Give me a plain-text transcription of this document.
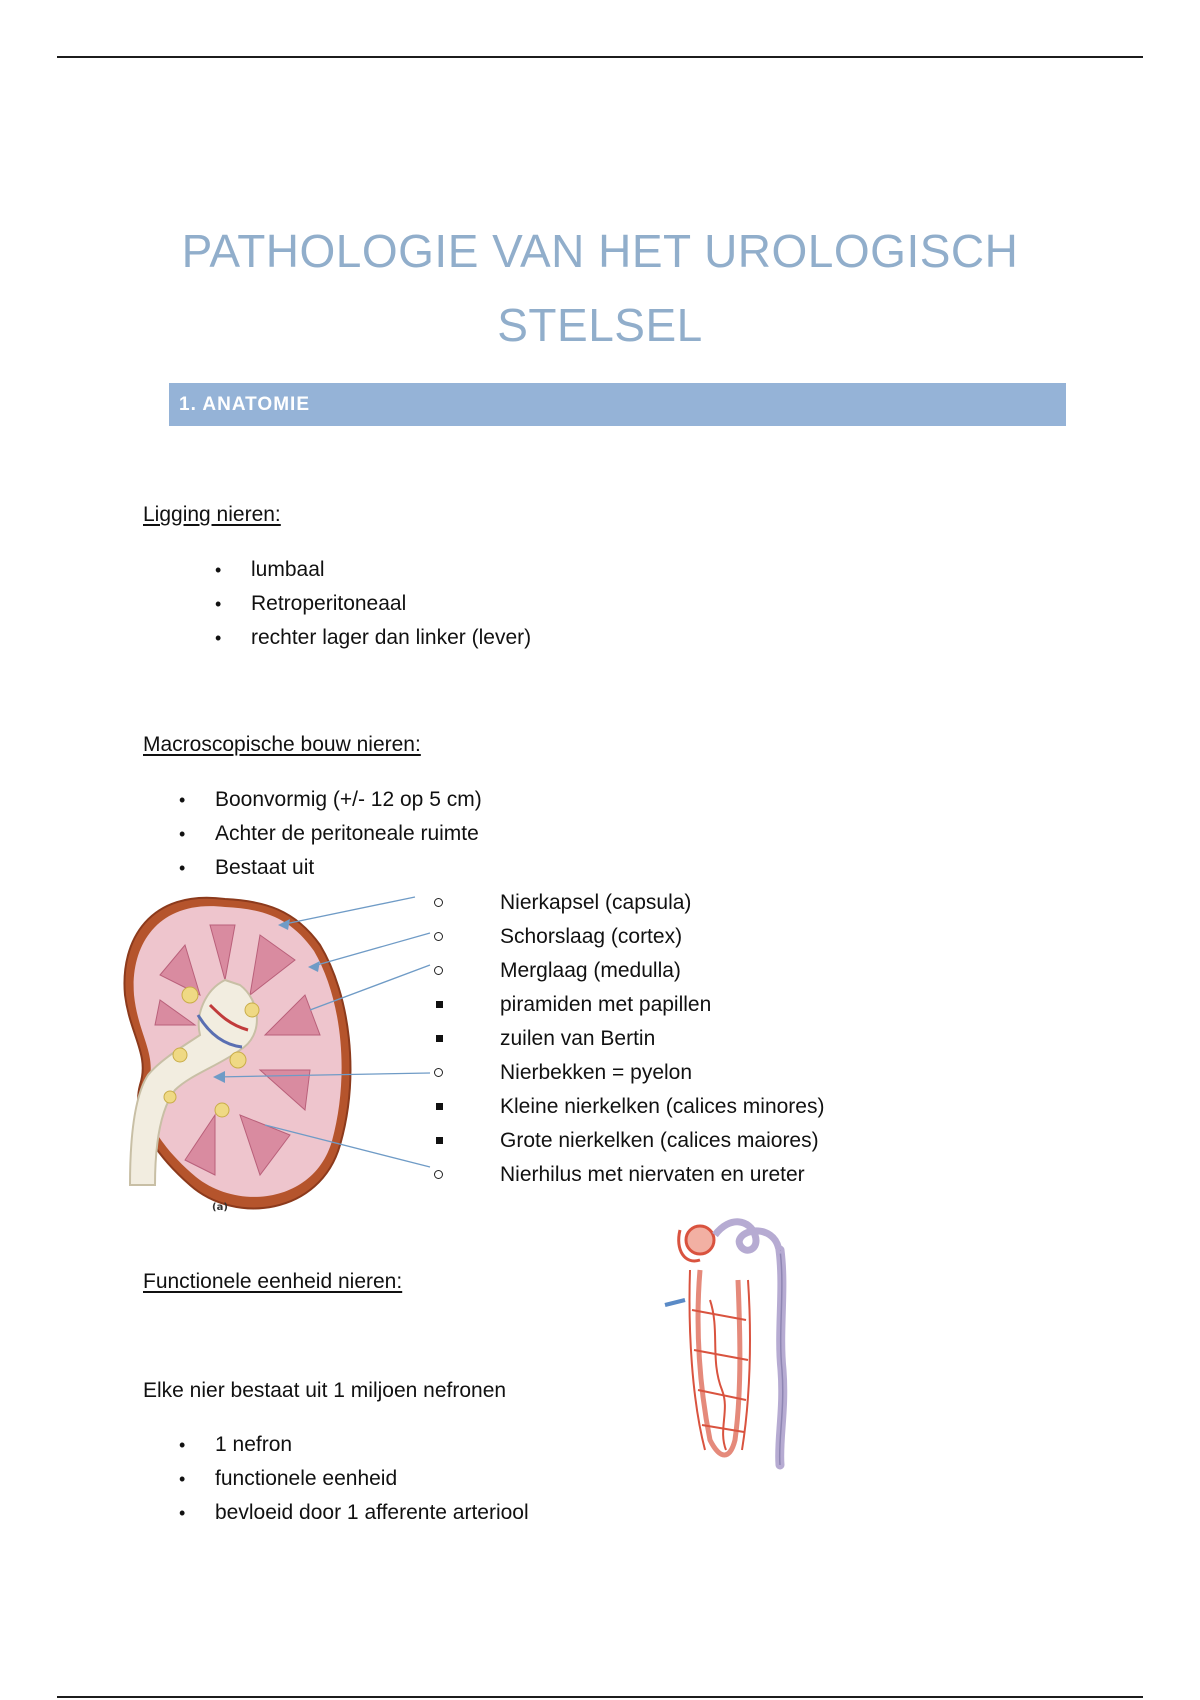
PATHOLOGIE VAN HET UROLOGISCH
STELSEL
1. ANATOMIE
Ligging nieren:
• lumbaal
• Retroperitoneaal
• rechter lager dan linker (lever)
Macroscopische bouw nieren:
• Boonvormig (+/- 12 op 5 cm)
• Achter de peritoneale ruimte
• Bestaat uit
(a)
Nierkapsel (capsula)
Schorslaag (cortex)
Merglaag (medulla)
piramiden met papillen
zuilen van Bertin
Nierbekken = pyelon
Kleine nierkelken (calices minores)
Grote nierkelken (calices maiores)
Nierhilus met niervaten en ureter
Functionele eenheid nieren:

Elke nier bestaat uit 1 miljoen nefronen

• 1 nefron
• functionele eenheid
• bevloeid door 1 afferente arteriool
